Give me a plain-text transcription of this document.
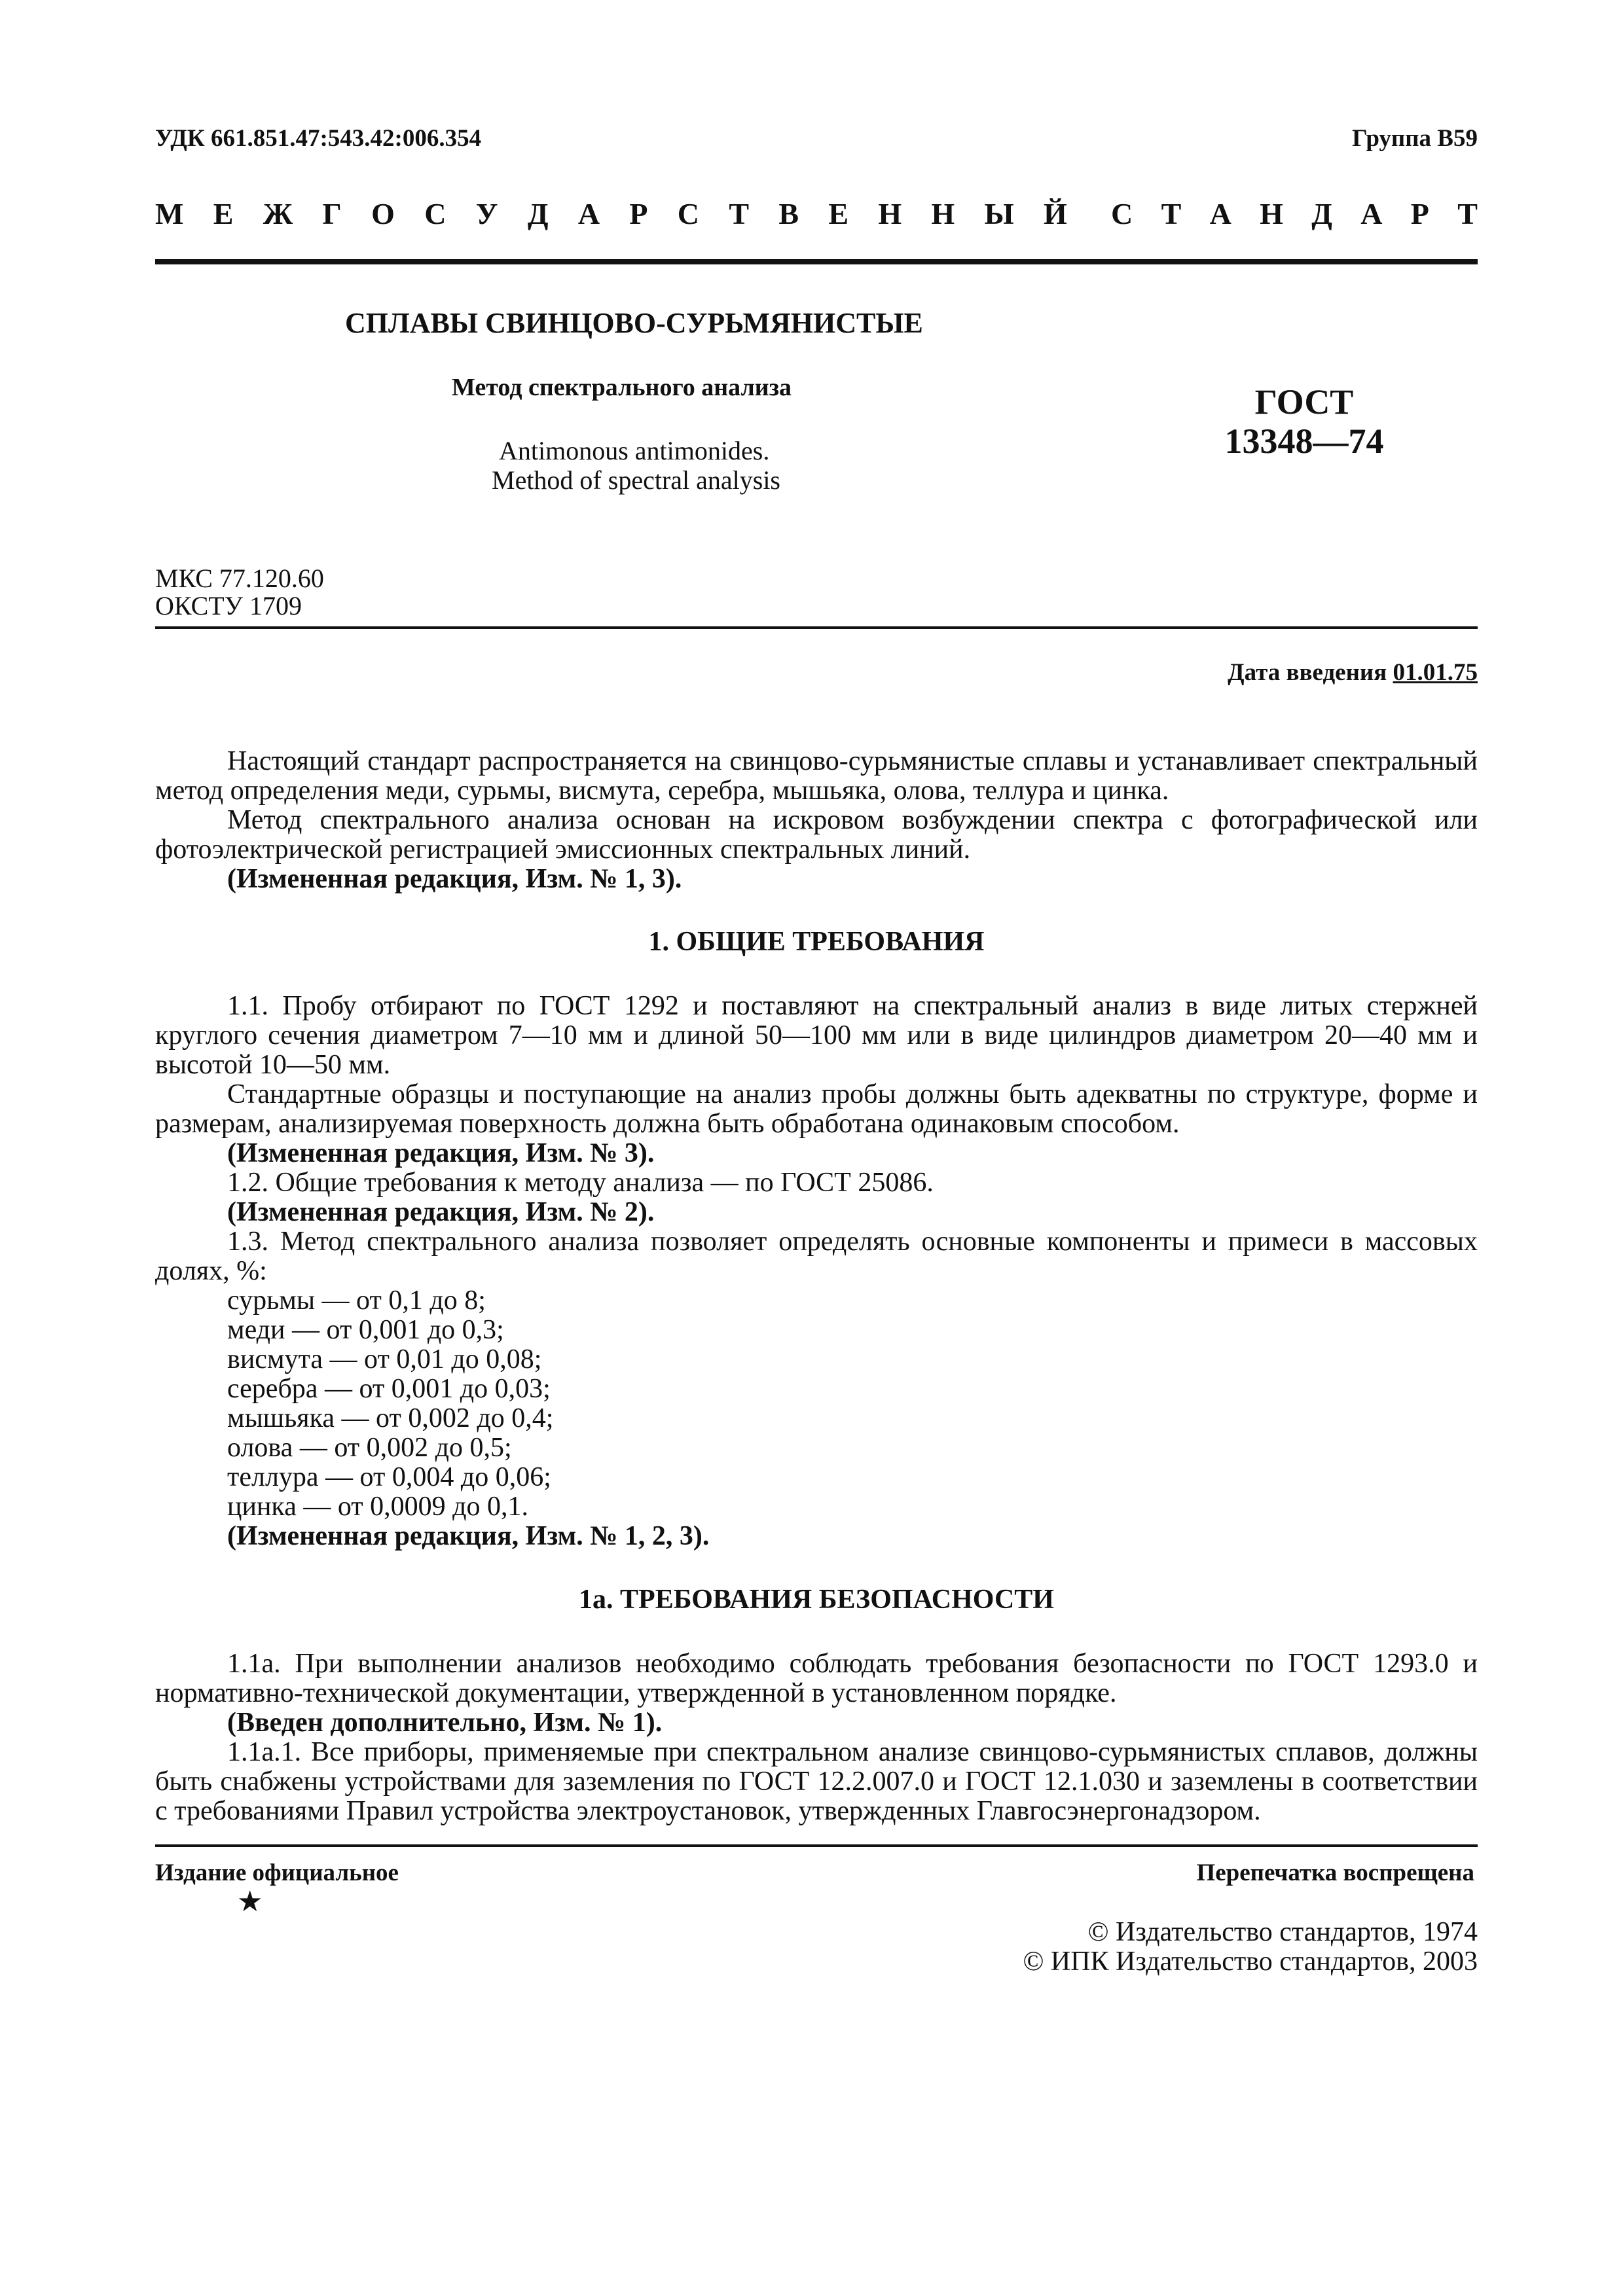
УДК 661.851.47:543.42:006.354	Группа В59
М Е Ж Г О С У Д А Р С Т В Е Н Н Ы Й С Т А Н Д А Р Т
СПЛАВЫ СВИНЦОВО-СУРЬМЯНИСТЫЕ
Метод спектрального анализа
Antimonous antimonides.
Method of spectral analysis
ГОСТ
13348—74
МКС 77.120.60
ОКСТУ 1709
Дата введения 01.01.75
Настоящий стандарт распространяется на свинцово-сурьмянистые сплавы и устанавливает спектральный метод определения меди, сурьмы, висмута, серебра, мышьяка, олова, теллура и цинка.
Метод спектрального анализа основан на искровом возбуждении спектра с фотографической или фотоэлектрической регистрацией эмиссионных спектральных линий.
(Измененная редакция, Изм. № 1, 3).
1. ОБЩИЕ ТРЕБОВАНИЯ
1.1. Пробу отбирают по ГОСТ 1292 и поставляют на спектральный анализ в виде литых стержней круглого сечения диаметром 7—10 мм и длиной 50—100 мм или в виде цилиндров диаметром 20—40 мм и высотой 10—50 мм.
Стандартные образцы и поступающие на анализ пробы должны быть адекватны по структуре, форме и размерам, анализируемая поверхность должна быть обработана одинаковым способом.
(Измененная редакция, Изм. № 3).
1.2. Общие требования к методу анализа — по ГОСТ 25086.
(Измененная редакция, Изм. № 2).
1.3. Метод спектрального анализа позволяет определять основные компоненты и примеси в массовых долях, %:
сурьмы — от 0,1 до 8;
меди — от 0,001 до 0,3;
висмута — от 0,01 до 0,08;
серебра — от 0,001 до 0,03;
мышьяка — от 0,002 до 0,4;
олова — от 0,002 до 0,5;
теллура — от 0,004 до 0,06;
цинка — от 0,0009 до 0,1.
(Измененная редакция, Изм. № 1, 2, 3).
1а. ТРЕБОВАНИЯ БЕЗОПАСНОСТИ
1.1а. При выполнении анализов необходимо соблюдать требования безопасности по ГОСТ 1293.0 и нормативно-технической документации, утвержденной в установленном порядке.
(Введен дополнительно, Изм. № 1).
1.1а.1. Все приборы, применяемые при спектральном анализе свинцово-сурьмянистых сплавов, должны быть снабжены устройствами для заземления по ГОСТ 12.2.007.0 и ГОСТ 12.1.030 и заземлены в соответствии с требованиями Правил устройства электроустановок, утвержденных Главгосэнергонадзором.
Издание официальное
★
Перепечатка воспрещена
© Издательство стандартов, 1974
© ИПК Издательство стандартов, 2003
